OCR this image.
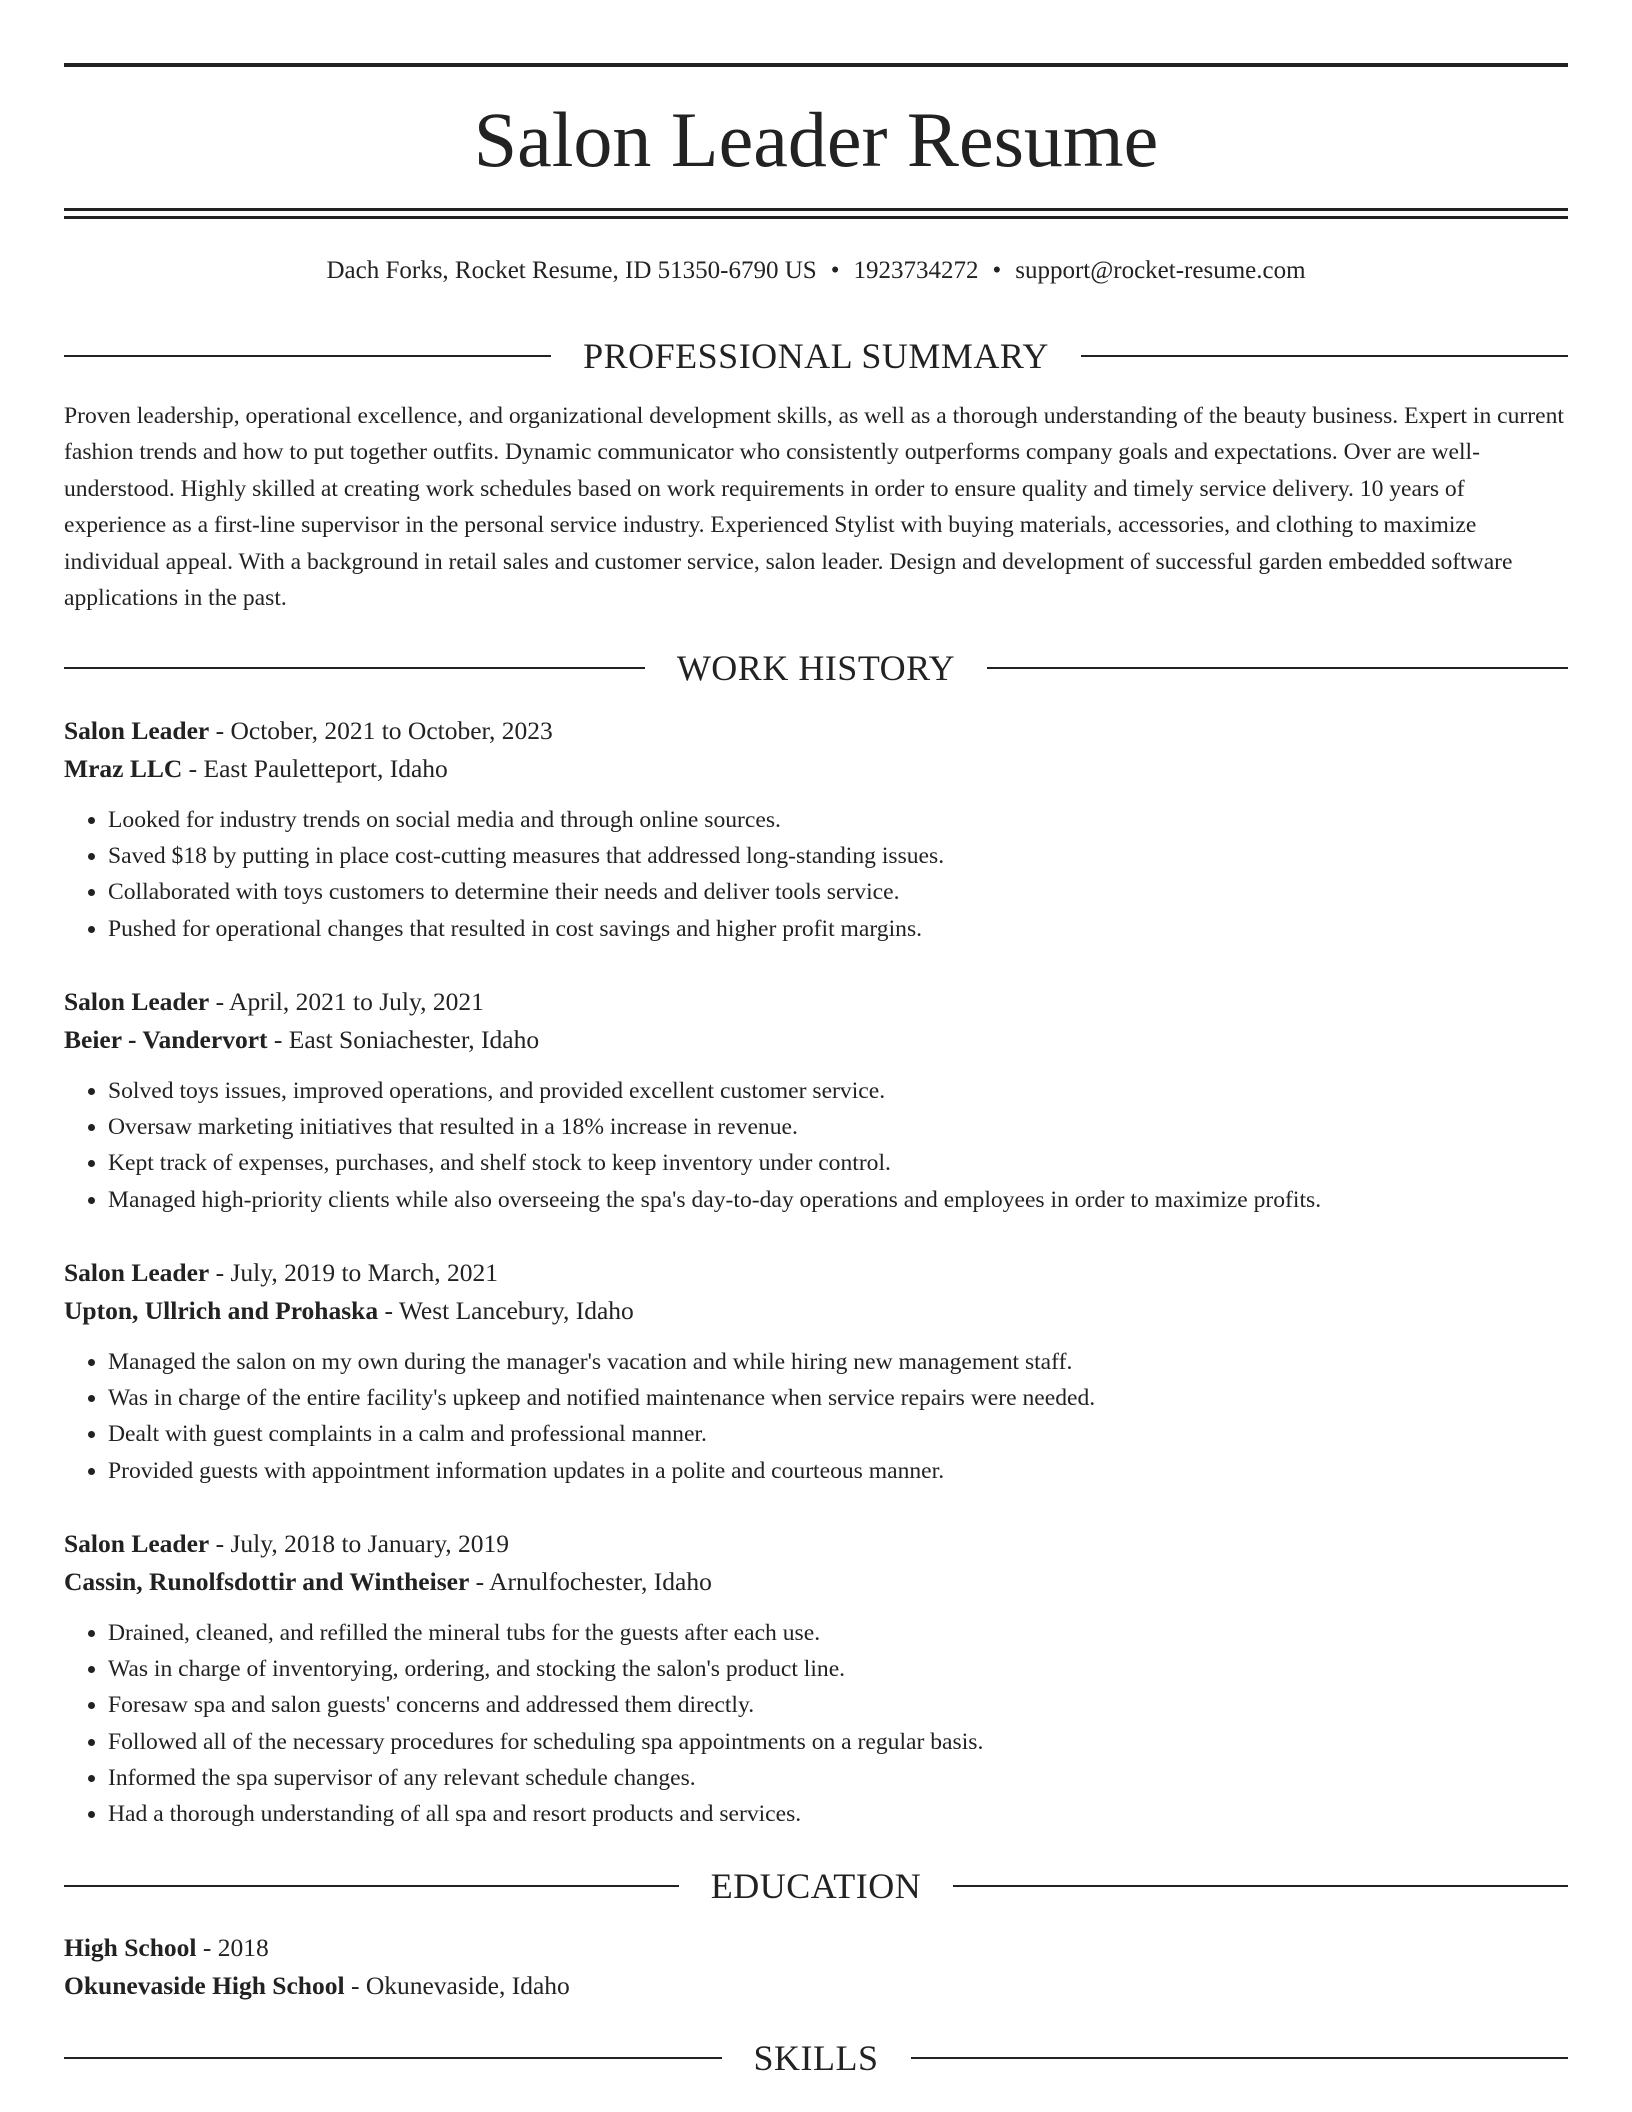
Salon Leader Resume
Dach Forks, Rocket Resume, ID 51350-6790 US • 1923734272 • support@rocket-resume.com
PROFESSIONAL SUMMARY
Proven leadership, operational excellence, and organizational development skills, as well as a thorough understanding of the beauty business. Expert in current fashion trends and how to put together outfits. Dynamic communicator who consistently outperforms company goals and expectations. Over are well-understood. Highly skilled at creating work schedules based on work requirements in order to ensure quality and timely service delivery. 10 years of experience as a first-line supervisor in the personal service industry. Experienced Stylist with buying materials, accessories, and clothing to maximize individual appeal. With a background in retail sales and customer service, salon leader. Design and development of successful garden embedded software applications in the past.
WORK HISTORY
Salon Leader - October, 2021 to October, 2023
Mraz LLC - East Pauletteport, Idaho
• Looked for industry trends on social media and through online sources.
• Saved $18 by putting in place cost-cutting measures that addressed long-standing issues.
• Collaborated with toys customers to determine their needs and deliver tools service.
• Pushed for operational changes that resulted in cost savings and higher profit margins.
Salon Leader - April, 2021 to July, 2021
Beier - Vandervort - East Soniachester, Idaho
• Solved toys issues, improved operations, and provided excellent customer service.
• Oversaw marketing initiatives that resulted in a 18% increase in revenue.
• Kept track of expenses, purchases, and shelf stock to keep inventory under control.
• Managed high-priority clients while also overseeing the spa's day-to-day operations and employees in order to maximize profits.
Salon Leader - July, 2019 to March, 2021
Upton, Ullrich and Prohaska - West Lancebury, Idaho
• Managed the salon on my own during the manager's vacation and while hiring new management staff.
• Was in charge of the entire facility's upkeep and notified maintenance when service repairs were needed.
• Dealt with guest complaints in a calm and professional manner.
• Provided guests with appointment information updates in a polite and courteous manner.
Salon Leader - July, 2018 to January, 2019
Cassin, Runolfsdottir and Wintheiser - Arnulfochester, Idaho
• Drained, cleaned, and refilled the mineral tubs for the guests after each use.
• Was in charge of inventorying, ordering, and stocking the salon's product line.
• Foresaw spa and salon guests' concerns and addressed them directly.
• Followed all of the necessary procedures for scheduling spa appointments on a regular basis.
• Informed the spa supervisor of any relevant schedule changes.
• Had a thorough understanding of all spa and resort products and services.
EDUCATION
High School - 2018
Okunevaside High School - Okunevaside, Idaho
SKILLS
